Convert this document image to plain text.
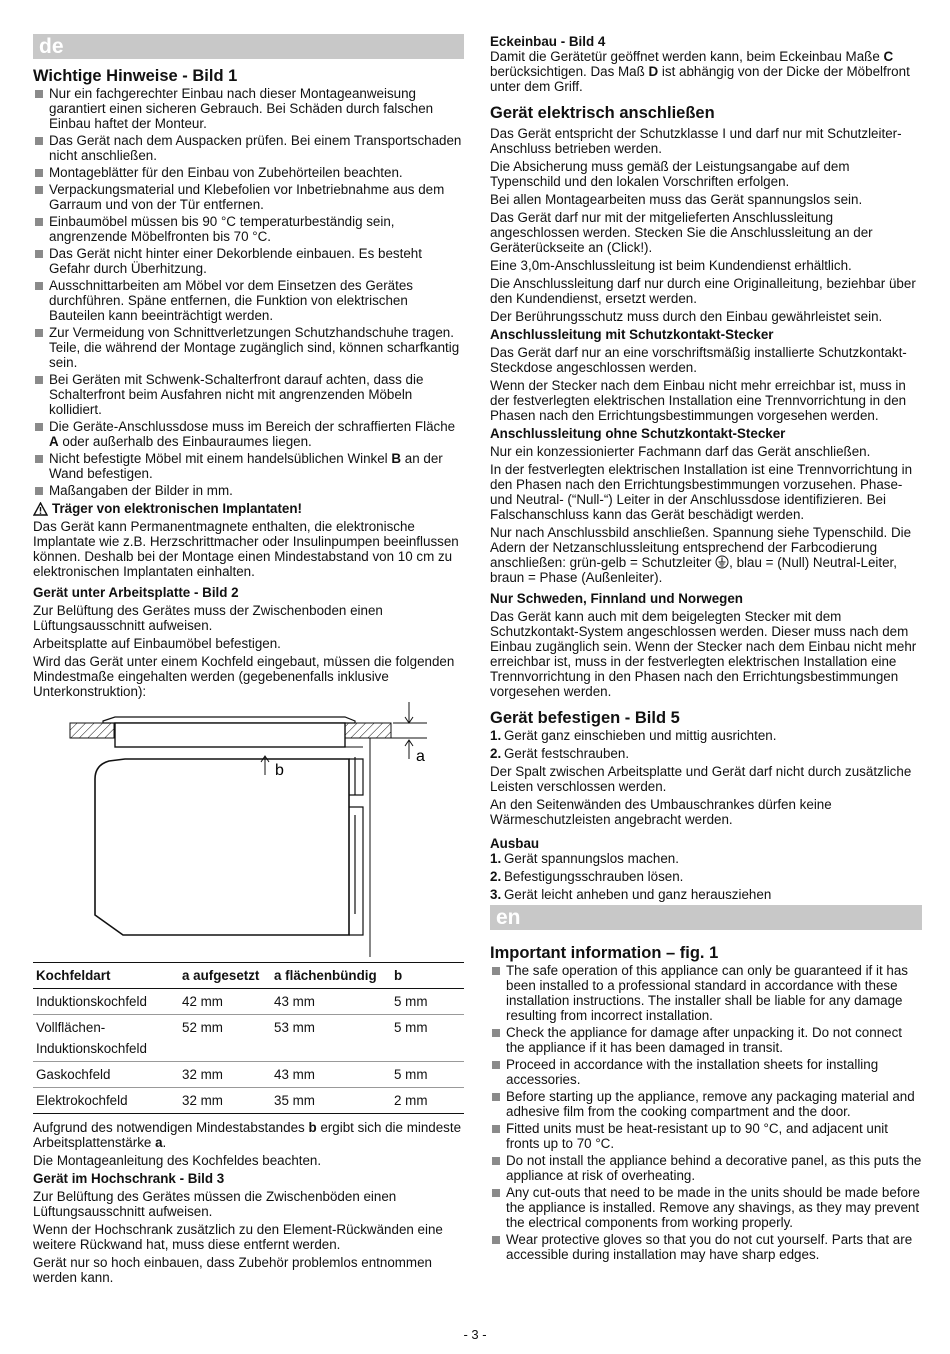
de
Wichtige Hinweise - Bild 1
Nur ein fachgerechter Einbau nach dieser Montageanweisung garantiert einen sicheren Gebrauch. Bei Schäden durch falschen Einbau haftet der Monteur.
Das Gerät nach dem Auspacken prüfen. Bei einem Transportschaden nicht anschließen.
Montageblätter für den Einbau von Zubehörteilen beachten.
Verpackungsmaterial und Klebefolien vor Inbetriebnahme aus dem Garraum und von der Tür entfernen.
Einbaumöbel müssen bis 90 °C temperaturbeständig sein, angrenzende Möbelfronten bis 70 °C.
Das Gerät nicht hinter einer Dekorblende einbauen. Es besteht Gefahr durch Überhitzung.
Ausschnittarbeiten am Möbel vor dem Einsetzen des Gerätes durchführen. Späne entfernen, die Funktion von elektrischen Bauteilen kann beeinträchtigt werden.
Zur Vermeidung von Schnittverletzungen Schutzhandschuhe tragen. Teile, die während der Montage zugänglich sind, können scharfkantig sein.
Bei Geräten mit Schwenk-Schalterfront darauf achten, dass die Schalterfront beim Ausfahren nicht mit angrenzenden Möbeln kollidiert.
Die Geräte-Anschlussdose muss im Bereich der schraffierten Fläche A oder außerhalb des Einbauraumes liegen.
Nicht befestigte Möbel mit einem handelsüblichen Winkel B an der Wand befestigen.
Maßangaben der Bilder in mm.
Träger von elektronischen Implantaten!

Das Gerät kann Permanentmagnete enthalten, die elektronische Implantate wie z.B. Herzschrittmacher oder Insulinpumpen beeinflussen können. Deshalb bei der Montage einen Mindestabstand von 10 cm zu elektronischen Implantaten einhalten.

Gerät unter Arbeitsplatte - Bild 2

Zur Belüftung des Gerätes muss der Zwischenboden einen Lüftungsausschnitt aufweisen.

Arbeitsplatte auf Einbaumöbel befestigen.

Wird das Gerät unter einem Kochfeld eingebaut, müssen die folgenden Mindestmaße eingehalten werden (gegebenenfalls inklusive Unterkonstruktion):

a
b
Kochfeldart	a aufgesetzt	a flächenbündig	b
Induktionskochfeld	42 mm	43 mm	5 mm
Vollflächen-Induktionskochfeld	52 mm	53 mm	5 mm
Gaskochfeld	32 mm	43 mm	5 mm
Elektrokochfeld	32 mm	35 mm	2 mm

Aufgrund des notwendigen Mindestabstandes b ergibt sich die mindeste Arbeitsplattenstärke a.

Die Montageanleitung des Kochfeldes beachten.

Gerät im Hochschrank - Bild 3

Zur Belüftung des Gerätes müssen die Zwischenböden einen Lüftungsausschnitt aufweisen.

Wenn der Hochschrank zusätzlich zu den Element-Rückwänden eine weitere Rückwand hat, muss diese entfernt werden.

Gerät nur so hoch einbauen, dass Zubehör problemlos entnommen werden kann.

Eckeinbau - Bild 4

Damit die Gerätetür geöffnet werden kann, beim Eckeinbau Maße C berücksichtigen. Das Maß D ist abhängig von der Dicke der Möbelfront unter dem Griff.

Gerät elektrisch anschließen

Das Gerät entspricht der Schutzklasse I und darf nur mit Schutzleiter-Anschluss betrieben werden.

Die Absicherung muss gemäß der Leistungsangabe auf dem Typenschild und den lokalen Vorschriften erfolgen.

Bei allen Montagearbeiten muss das Gerät spannungslos sein.

Das Gerät darf nur mit der mitgelieferten Anschlussleitung angeschlossen werden. Stecken Sie die Anschlussleitung an der Geräterückseite an (Click!).

Eine 3,0m-Anschlussleitung ist beim Kundendienst erhältlich.

Die Anschlussleitung darf nur durch eine Originalleitung, beziehbar über den Kundendienst, ersetzt werden.

Der Berührungsschutz muss durch den Einbau gewährleistet sein.

Anschlussleitung mit Schutzkontakt-Stecker

Das Gerät darf nur an eine vorschriftsmäßig installierte Schutzkontakt-Steckdose angeschlossen werden.

Wenn der Stecker nach dem Einbau nicht mehr erreichbar ist, muss in der festverlegten elektrischen Installation eine Trennvorrichtung in den Phasen nach den Errichtungsbestimmungen vorgesehen werden.

Anschlussleitung ohne Schutzkontakt-Stecker

Nur ein konzessionierter Fachmann darf das Gerät anschließen.

In der festverlegten elektrischen Installation ist eine Trennvorrichtung in den Phasen nach den Errichtungsbestimmungen vorzusehen. Phase- und Neutral- (“Null-“) Leiter in der Anschlussdose identifizieren. Bei Falschanschluss kann das Gerät beschädigt werden.

Nur nach Anschlussbild anschließen. Spannung siehe Typenschild. Die Adern der Netzanschlussleitung entsprechend der Farbcodierung anschließen: grün-gelb = Schutzleiter , blau = (Null) Neutral-Leiter, braun = Phase (Außenleiter).

Nur Schweden, Finnland und Norwegen

Das Gerät kann auch mit dem beigelegten Stecker mit dem Schutzkontakt-System angeschlossen werden. Dieser muss nach dem Einbau zugänglich sein. Wenn der Stecker nach dem Einbau nicht mehr erreichbar ist, muss in der festverlegten elektrischen Installation eine Trennvorrichtung in den Phasen nach den Errichtungsbestimmungen vorgesehen werden.

Gerät befestigen - Bild 5
1. Gerät ganz einschieben und mittig ausrichten.
2. Gerät festschrauben.

Der Spalt zwischen Arbeitsplatte und Gerät darf nicht durch zusätzliche Leisten verschlossen werden.

An den Seitenwänden des Umbauschrankes dürfen keine Wärmeschutzleisten angebracht werden.

Ausbau
1. Gerät spannungslos machen.
2. Befestigungsschrauben lösen.
3. Gerät leicht anheben und ganz herausziehen
en
Important information – fig. 1
The safe operation of this appliance can only be guaranteed if it has been installed to a professional standard in accordance with these installation instructions. The installer shall be liable for any damage resulting from incorrect installation.
Check the appliance for damage after unpacking it. Do not connect the appliance if it has been damaged in transit.
Proceed in accordance with the installation sheets for installing accessories.
Before starting up the appliance, remove any packaging material and adhesive film from the cooking compartment and the door.
Fitted units must be heat-resistant up to 90 °C, and adjacent unit fronts up to 70 °C.
Do not install the appliance behind a decorative panel, as this puts the appliance at risk of overheating.
Any cut-outs that need to be made in the units should be made before the appliance is installed. Remove any shavings, as they may prevent the electrical components from working properly.
Wear protective gloves so that you do not cut yourself. Parts that are accessible during installation may have sharp edges.
- 3 -
